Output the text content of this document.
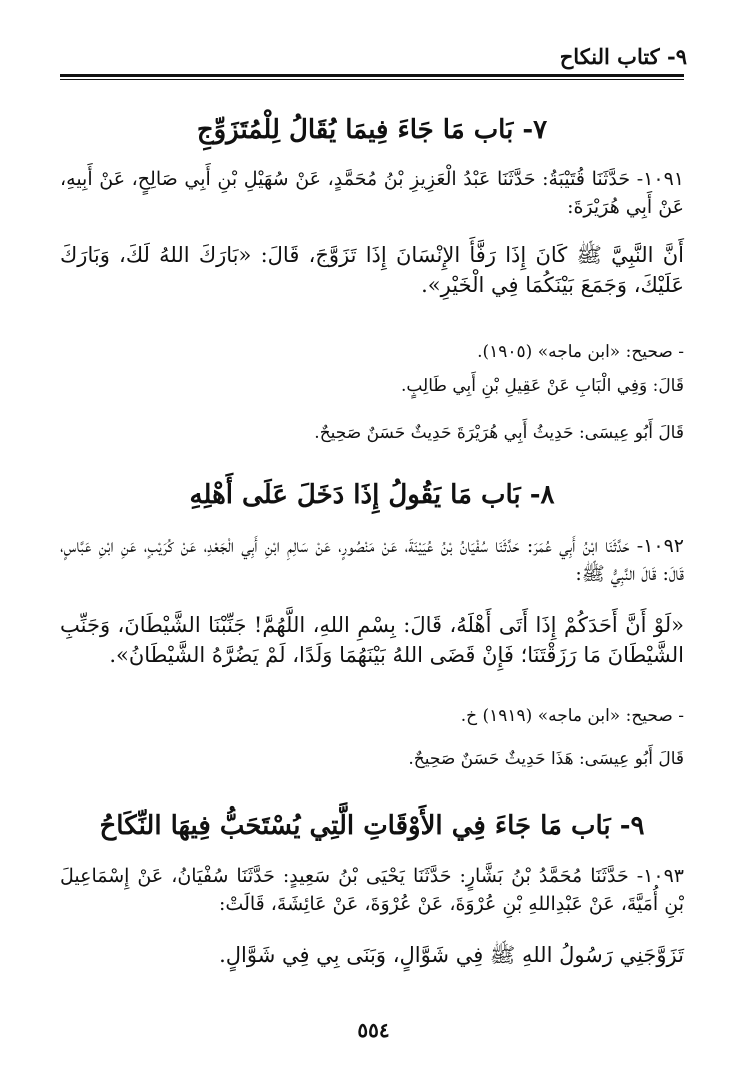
٩- كتاب النكاح
٧- بَاب مَا جَاءَ فِيمَا يُقَالُ لِلْمُتَزَوِّجِ
١٠٩١- حَدَّثَنَا قُتَيْبَةُ: حَدَّثَنَا عَبْدُ الْعَزِيزِ بْنُ مُحَمَّدٍ، عَنْ سُهَيْلِ بْنِ أَبِي صَالِحٍ، عَنْ أَبِيهِ، عَنْ أَبِي هُرَيْرَةَ:
أَنَّ النَّبِيَّ ﷺ كَانَ إِذَا رَفَّأَ الإِنْسَانَ إِذَا تَزَوَّجَ، قَالَ: «بَارَكَ اللهُ لَكَ، وَبَارَكَ عَلَيْكَ، وَجَمَعَ بَيْنَكُمَا فِي الْخَيْرِ».
- صحيح: «ابن ماجه» (١٩٠٥).
قَالَ: وَفِي الْبَابِ عَنْ عَقِيلِ بْنِ أَبِي طَالِبٍ.
قَالَ أَبُو عِيسَى: حَدِيثُ أَبِي هُرَيْرَةَ حَدِيثٌ حَسَنٌ صَحِيحٌ.
٨- بَاب مَا يَقُولُ إِذَا دَخَلَ عَلَى أَهْلِهِ
١٠٩٢- حَدَّثَنَا ابْنُ أَبِي عُمَرَ: حَدَّثَنَا سُفْيَانُ بْنُ عُيَيْنَةَ، عَنْ مَنْصُورٍ، عَنْ سَالِمِ ابْنِ أَبِي الْجَعْدِ، عَنْ كُرَيْبٍ، عَنِ ابْنِ عَبَّاسٍ، قَالَ: قَالَ النَّبِيُّ ﷺ:
«لَوْ أَنَّ أَحَدَكُمْ إِذَا أَتَى أَهْلَهُ، قَالَ: بِسْمِ اللهِ، اللَّهُمَّ! جَنِّبْنَا الشَّيْطَانَ، وَجَنِّبِ الشَّيْطَانَ مَا رَزَقْتَنَا؛ فَإِنْ قَضَى اللهُ بَيْنَهُمَا وَلَدًا، لَمْ يَضُرَّهُ الشَّيْطَانُ».
- صحيح: «ابن ماجه» (١٩١٩) خ.
قَالَ أَبُو عِيسَى: هَذَا حَدِيثٌ حَسَنٌ صَحِيحٌ.
٩- بَاب مَا جَاءَ فِي الأَوْقَاتِ الَّتِي يُسْتَحَبُّ فِيهَا النِّكَاحُ
١٠٩٣- حَدَّثَنَا مُحَمَّدُ بْنُ بَشَّارٍ: حَدَّثَنَا يَحْيَى بْنُ سَعِيدٍ: حَدَّثَنَا سُفْيَانُ، عَنْ إِسْمَاعِيلَ بْنِ أُمَيَّةَ، عَنْ عَبْدِاللهِ بْنِ عُرْوَةَ، عَنْ عُرْوَةَ، عَنْ عَائِشَةَ، قَالَتْ:
تَزَوَّجَنِي رَسُولُ اللهِ ﷺ فِي شَوَّالٍ، وَبَنَى بِي فِي شَوَّالٍ.
٥٥٤
